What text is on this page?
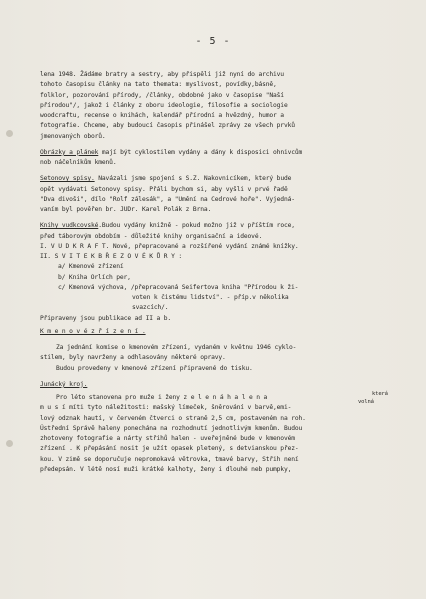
- 5 -
lena 1948. Žádáme bratry a sestry, aby přispěli již nyní do archivu
tohoto časopisu články na tato themata: myslivost, povídky,básně,
folklor, pozorování přírody, /články, obdobné jako v časopise "Naší
přírodou"/, jakož i články z oboru ideologie, filosofie a sociologie
woodcraftu, recense o knihách, kalendář přírodní a hvězdný, humor a
fotografie. Chceme, aby budoucí časopis přinášel zprávy ze všech prvků
jmenovaných oborů.
Obrázky a plánek mají být cyklostilem vydány a dány k disposici ohnivcům
nob náčelníkům kmenů.
Setonovy spisy. Navázali jsme spojení s S.Z. Nakovnicíkem, který bude
opět vydávati Setonovy spisy. Přáli bychom si, aby vyšli v prvé řadě
"Dva divoši", dílo "Rolf zálesák", a "Umění na Cedrové hoře". Vyjedná-
vaním byl pověřen br. JUDr. Karel Polák z Brna.
Knihy vudkcovské.Budou vydány knižně - pokud možno již v příštím roce,
před táborovým obdobím - důležité knihy organisační a ideové.
I. V U D K R A F T. Nové, přepracované a rozšířené vydání známé knížky.
II. S V I T E K B Ř E Z O V É K Ů R Y :
a/ Kmenové zřízení
b/ Kniha Orlích per,
c/ Kmenová výchova, /přepracovaná Seifertova kniha "Přírodou k ži-
voten k čistému lidství". - příp.v několika
svazcích/.
Připraveny jsou publikace ad II a b.
K m e n o v é z ř í z e n í .
Za jednání komise o kmenovém zřízení, vydaném v květnu 1946 cyklo-
stilem, byly navrženy a odhlasovány některé opravy.
Budou provedeny v kmenové zřízení připravené do tisku.
Junácký kroj.
Pro léto stanovena pro muže i ženy z e l e n á h a l e n a	která
volná
m u s í míti tyto náležitosti: mašský límeček, šněrování v barvě,emi-
lový odznak hautí, v červeném čtverci o straně 2,5 cm, postaveném na roh.
Ústřední Správě haleny ponechána na rozhodnutí jednotlivým kmenům. Budou
zhotoveny fotografie a nárty střihů halen - uveřejněné bude v kmenovém
zřízení . K přepásání nosit je užít opasek pletený, s detvianskou přez-
kou. V zimě se doporučuje nepromokavá větrovka, tmavé barvy, Střih není
předepsán. V létě nosí muži krátké kalhoty, ženy i dlouhé neb pumpky,
